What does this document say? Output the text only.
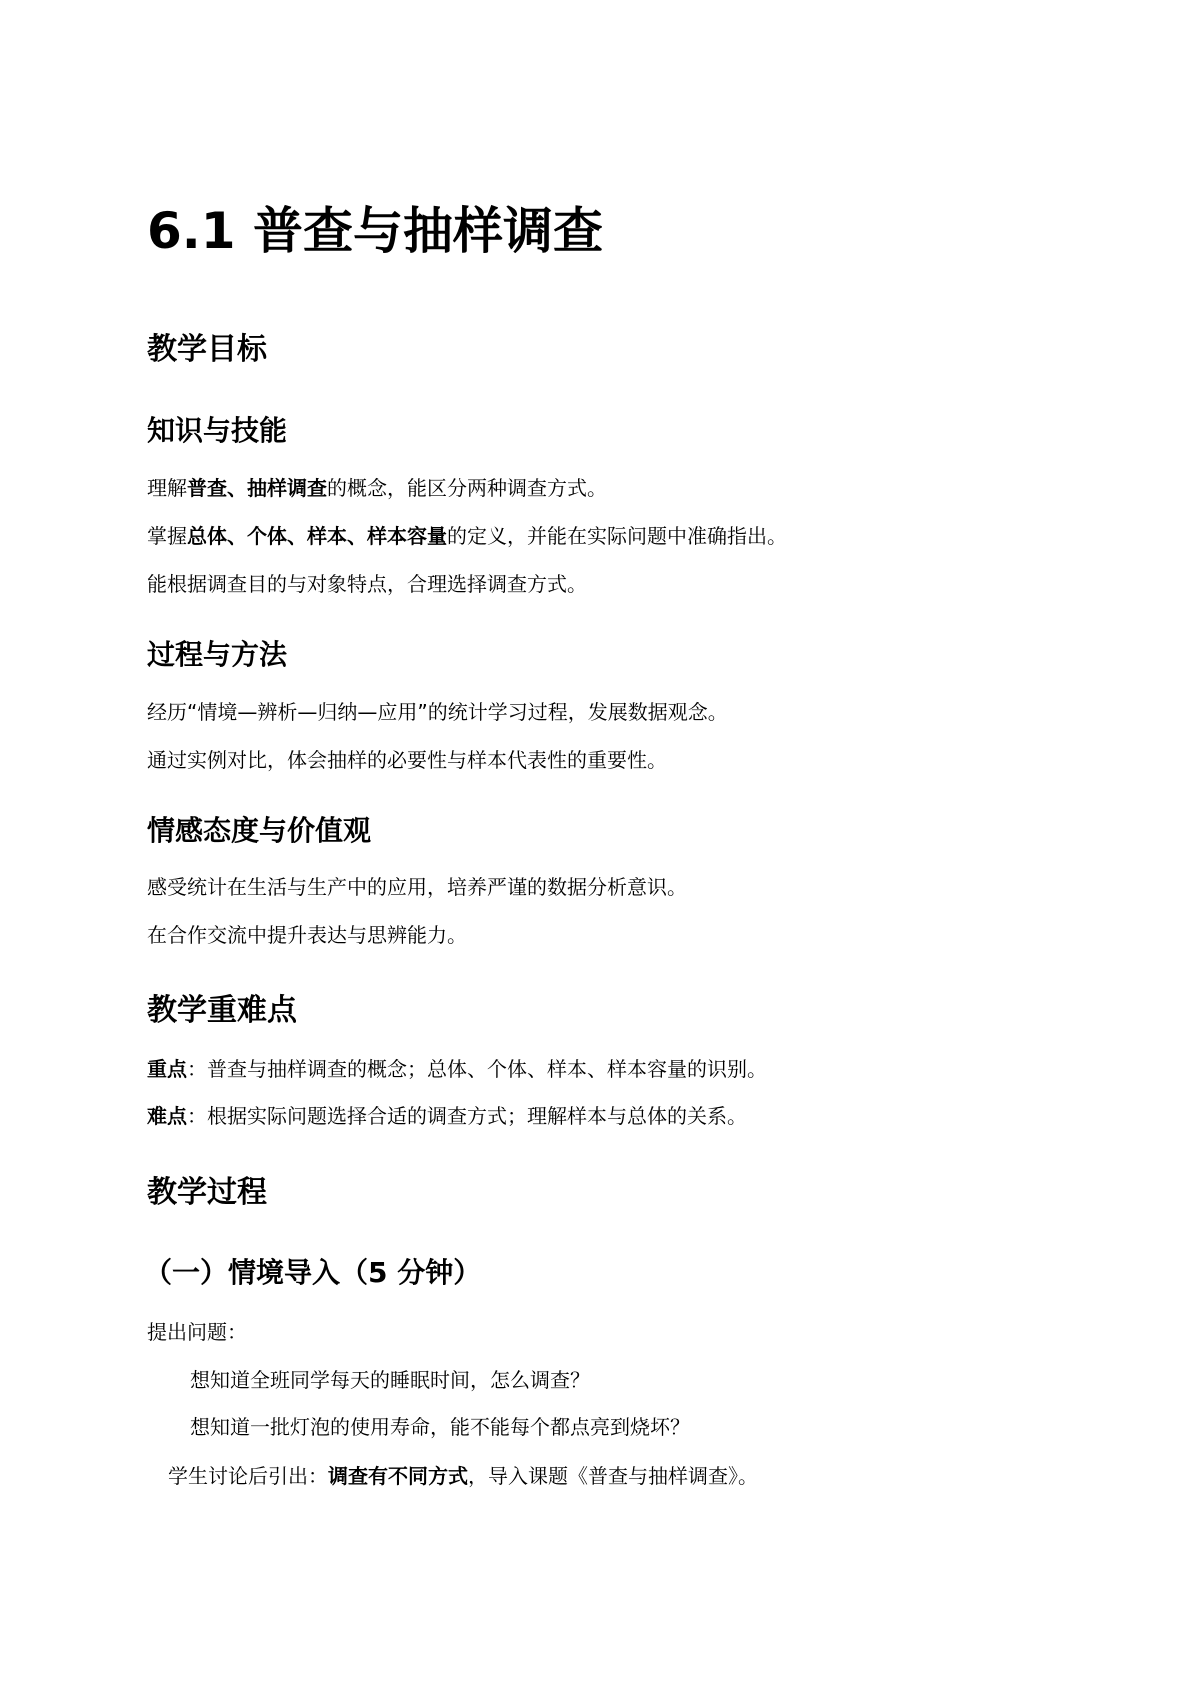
6.1 普查与抽样调查
教学目标
知识与技能

理解普查、抽样调查的概念，能区分两种调查方式。

掌握总体、个体、样本、样本容量的定义，并能在实际问题中准确指出。

能根据调查目的与对象特点，合理选择调查方式。

过程与方法

经历“情境—辨析—归纳—应用”的统计学习过程，发展数据观念。

通过实例对比，体会抽样的必要性与样本代表性的重要性。

情感态度与价值观

感受统计在生活与生产中的应用，培养严谨的数据分析意识。

在合作交流中提升表达与思辨能力。

教学重难点

重点：普查与抽样调查的概念；总体、个体、样本、样本容量的识别。

难点：根据实际问题选择合适的调查方式；理解样本与总体的关系。

教学过程
（一）情境导入（5 分钟）

提出问题：

想知道全班同学每天的睡眠时间，怎么调查？

想知道一批灯泡的使用寿命，能不能每个都点亮到烧坏？

学生讨论后引出：调查有不同方式，导入课题《普查与抽样调查》。
